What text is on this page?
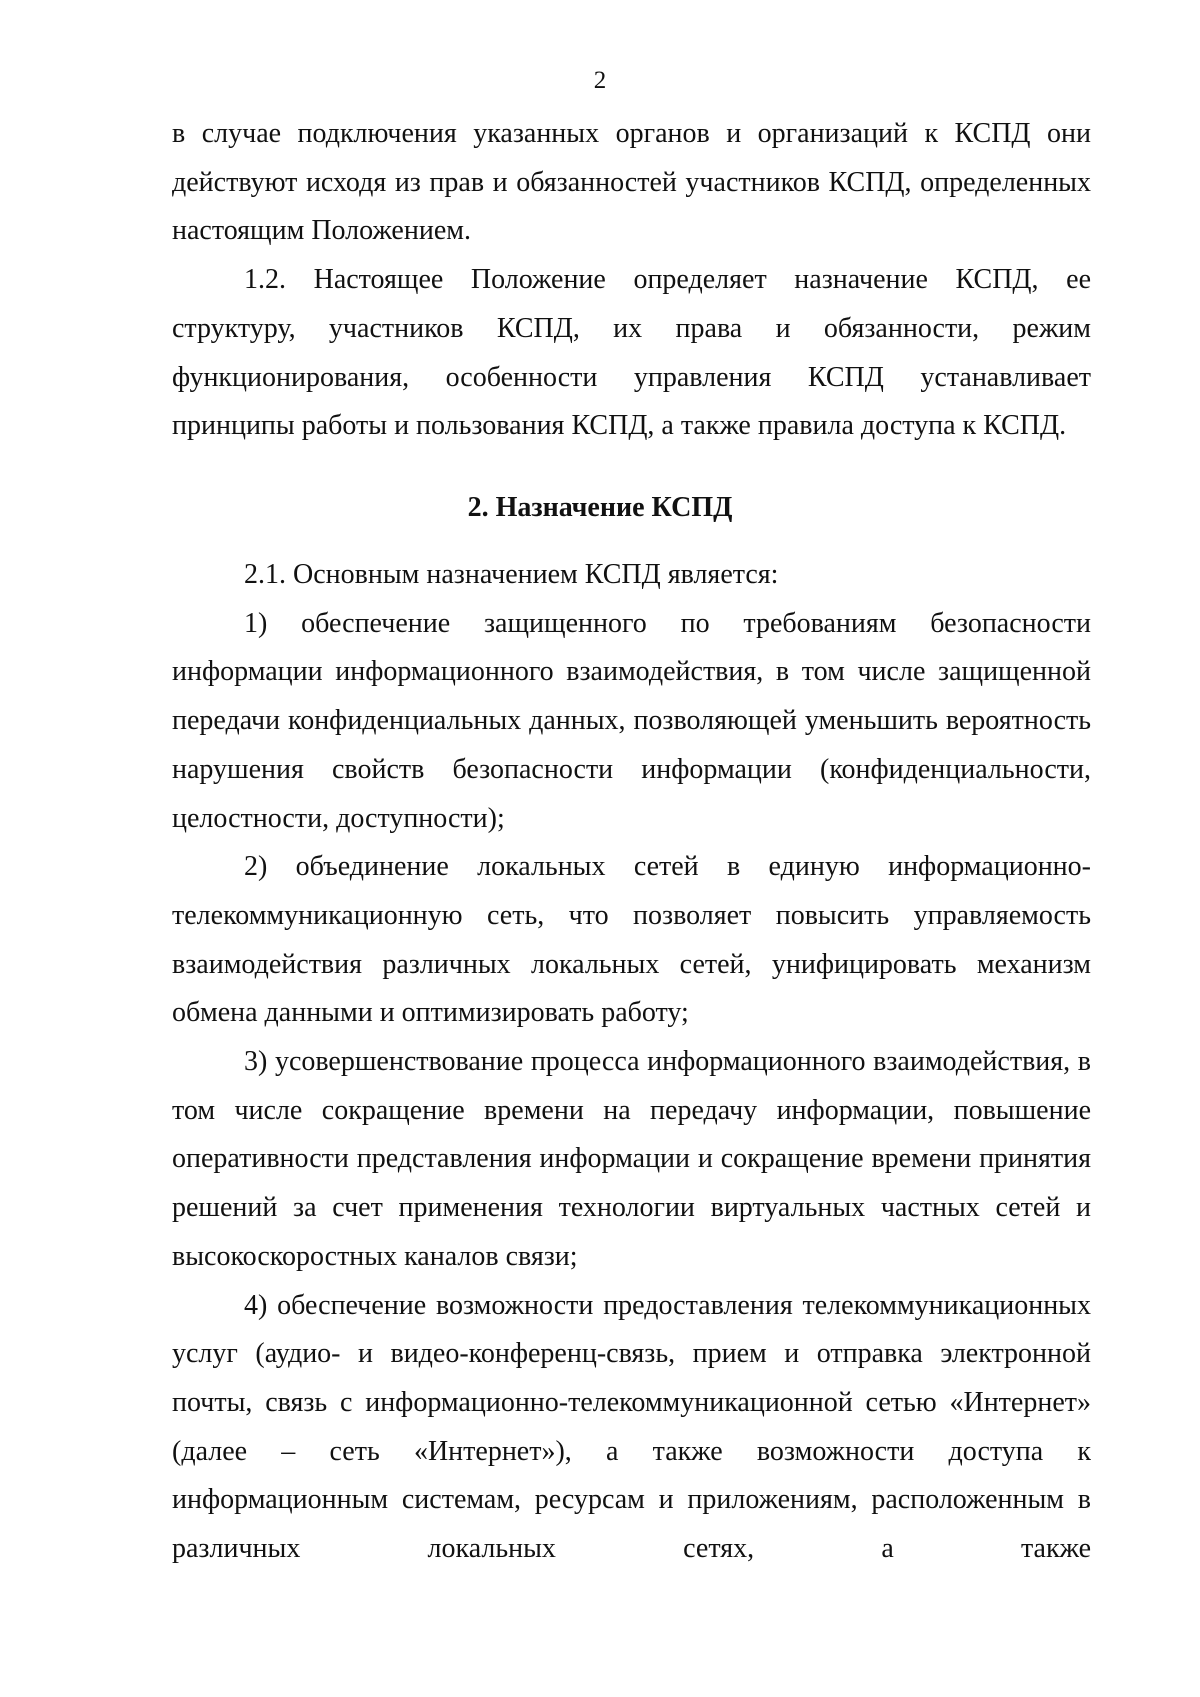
2

в случае подключения указанных органов и организаций к КСПД они действуют исходя из прав и обязанностей участников КСПД, определенных настоящим Положением.

1.2. Настоящее Положение определяет назначение КСПД, ее структуру, участников КСПД, их права и обязанности, режим функционирования, особенности управления КСПД устанавливает принципы работы и пользования КСПД, а также правила доступа к КСПД.

2. Назначение КСПД

2.1. Основным назначением КСПД является:

1) обеспечение защищенного по требованиям безопасности информации информационного взаимодействия, в том числе защищенной передачи конфиденциальных данных, позволяющей уменьшить вероятность нарушения свойств безопасности информации (конфиденциальности, целостности, доступности);

2) объединение локальных сетей в единую информационно-телекоммуникационную сеть, что позволяет повысить управляемость взаимодействия различных локальных сетей, унифицировать механизм обмена данными и оптимизировать работу;

3) усовершенствование процесса информационного взаимодействия, в том числе сокращение времени на передачу информации, повышение оперативности представления информации и сокращение времени принятия решений за счет применения технологии виртуальных частных сетей и высокоскоростных каналов связи;

4) обеспечение возможности предоставления телекоммуникационных услуг (аудио- и видео-конференц-связь, прием и отправка электронной почты, связь с информационно-телекоммуникационной сетью «Интернет» (далее – сеть «Интернет»), а также возможности доступа к информационным системам, ресурсам и приложениям, расположенным в различных локальных сетях, а также
